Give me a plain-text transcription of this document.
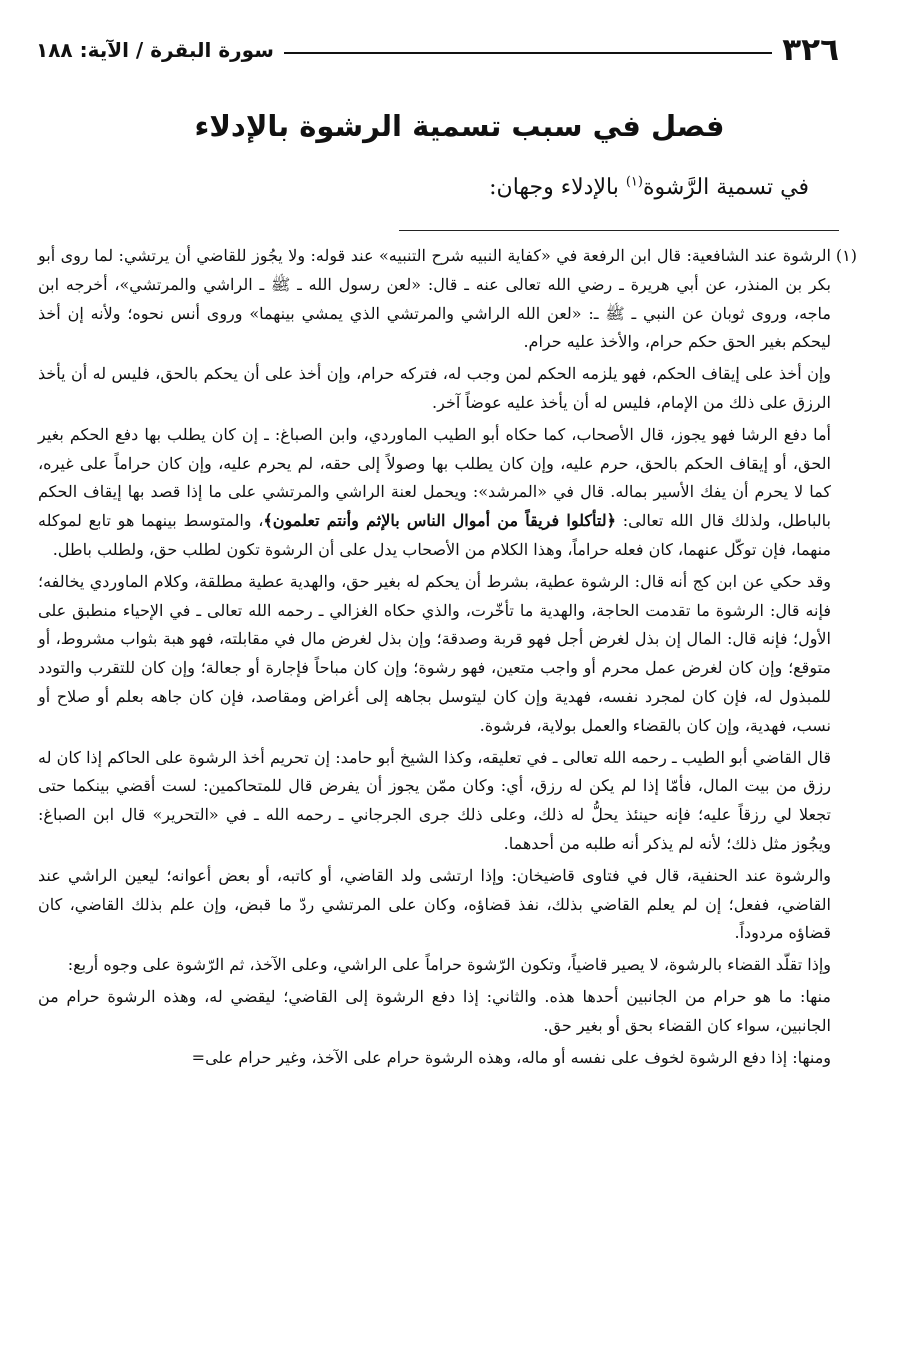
٣٢٦
سورة البقرة / الآية: ١٨٨
فصل في سبب تسمية الرشوة بالإدلاء
في تسمية الرَّشوة$^{(١)}$ بالإدلاء وجهان:
(١)

الرشوة عند الشافعية: قال ابن الرفعة في «كفاية النبيه شرح التنبيه» عند قوله: ولا يجُوز للقاضي أن يرتشي: لما روى أبو بكر بن المنذر، عن أبي هريرة ـ رضي الله تعالى عنه ـ قال: «لعن رسول الله ـ ﷺ ـ الراشي والمرتشي»، أخرجه ابن ماجه، وروى ثوبان عن النبي ـ ﷺ ـ: «لعن الله الراشي والمرتشي الذي يمشي بينهما» وروى أنس نحوه؛ ولأنه إن أخذ ليحكم بغير الحق حكم حرام، والأخذ عليه حرام.

وإن أخذ على إيقاف الحكم، فهو يلزمه الحكم لمن وجب له، فتركه حرام، وإن أخذ على أن يحكم بالحق، فليس له أن يأخذ الرزق على ذلك من الإمام، فليس له أن يأخذ عليه عوضاً آخر.

أما دفع الرشا فهو يجوز، قال الأصحاب، كما حكاه أبو الطيب الماوردي، وابن الصباغ: ـ إن كان يطلب بها دفع الحكم بغير الحق، أو إيقاف الحكم بالحق، حرم عليه، وإن كان يطلب بها وصولاً إلى حقه، لم يحرم عليه، وإن كان حراماً على غيره، كما لا يحرم أن يفك الأسير بماله. قال في «المرشد»: ويحمل لعنة الراشي والمرتشي على ما إذا قصد بها إيقاف الحكم بالباطل، ولذلك قال الله تعالى: ﴿لتأكلوا فريقاً من أموال الناس بالإثم وأنتم تعلمون﴾، والمتوسط بينهما هو تابع لموكله منهما، فإن توكّل عنهما، كان فعله حراماً، وهذا الكلام من الأصحاب يدل على أن الرشوة تكون لطلب حق، ولطلب باطل.

وقد حكي عن ابن كج أنه قال: الرشوة عطية، بشرط أن يحكم له بغير حق، والهدية عطية مطلقة، وكلام الماوردي يخالفه؛ فإنه قال: الرشوة ما تقدمت الحاجة، والهدية ما تأخّرت، والذي حكاه الغزالي ـ رحمه الله تعالى ـ في الإحياء منطبق على الأول؛ فإنه قال: المال إن بذل لغرض أجل فهو قربة وصدقة؛ وإن بذل لغرض مال في مقابلته، فهو هبة بثواب مشروط، أو متوقع؛ وإن كان لغرض عمل محرم أو واجب متعين، فهو رشوة؛ وإن كان مباحاً فإجارة أو جعالة؛ وإن كان للتقرب والتودد للمبذول له، فإن كان لمجرد نفسه، فهدية وإن كان ليتوسل بجاهه إلى أغراض ومقاصد، فإن كان جاهه بعلم أو صلاح أو نسب، فهدية، وإن كان بالقضاء والعمل بولاية، فرشوة.

قال القاضي أبو الطيب ـ رحمه الله تعالى ـ في تعليقه، وكذا الشيخ أبو حامد: إن تحريم أخذ الرشوة على الحاكم إذا كان له رزق من بيت المال، فأمّا إذا لم يكن له رزق، أي: وكان ممّن يجوز أن يفرض قال للمتحاكمين: لست أقضي بينكما حتى تجعلا لي رزقاً عليه؛ فإنه حينئذ يحلُّ له ذلك، وعلى ذلك جرى الجرجاني ـ رحمه الله ـ في «التحرير» قال ابن الصباغ: ويجُوز مثل ذلك؛ لأنه لم يذكر أنه طلبه من أحدهما.

والرشوة عند الحنفية، قال في فتاوى قاضيخان: وإذا ارتشى ولد القاضي، أو كاتبه، أو بعض أعوانه؛ ليعين الراشي عند القاضي، ففعل؛ إن لم يعلم القاضي بذلك، نفذ قضاؤه، وكان على المرتشي ردّ ما قبض، وإن علم بذلك القاضي، كان قضاؤه مردوداً.

وإذا تقلّد القضاء بالرشوة، لا يصير قاضياً، وتكون الرّشوة حراماً على الراشي، وعلى الآخذ، ثم الرّشوة على وجوه أربع:

منها: ما هو حرام من الجانبين أحدها هذه. والثاني: إذا دفع الرشوة إلى القاضي؛ ليقضي له، وهذه الرشوة حرام من الجانبين، سواء كان القضاء بحق أو بغير حق.

ومنها: إذا دفع الرشوة لخوف على نفسه أو ماله، وهذه الرشوة حرام على الآخذ، وغير حرام على=
